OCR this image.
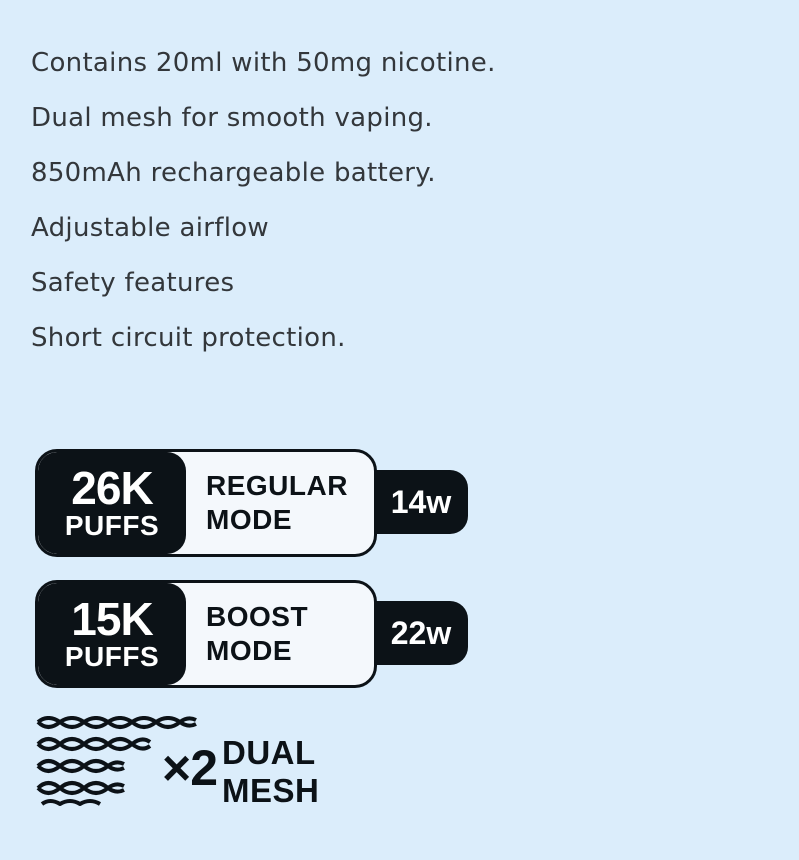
Contains 20ml with 50mg nicotine.
Dual mesh for smooth vaping.
850mAh rechargeable battery.
Adjustable airflow
Safety features
Short circuit protection.
26K
PUFFS
REGULAR
MODE	14w
15K
PUFFS
BOOST
MODE	22w
×2 DUAL
MESH
